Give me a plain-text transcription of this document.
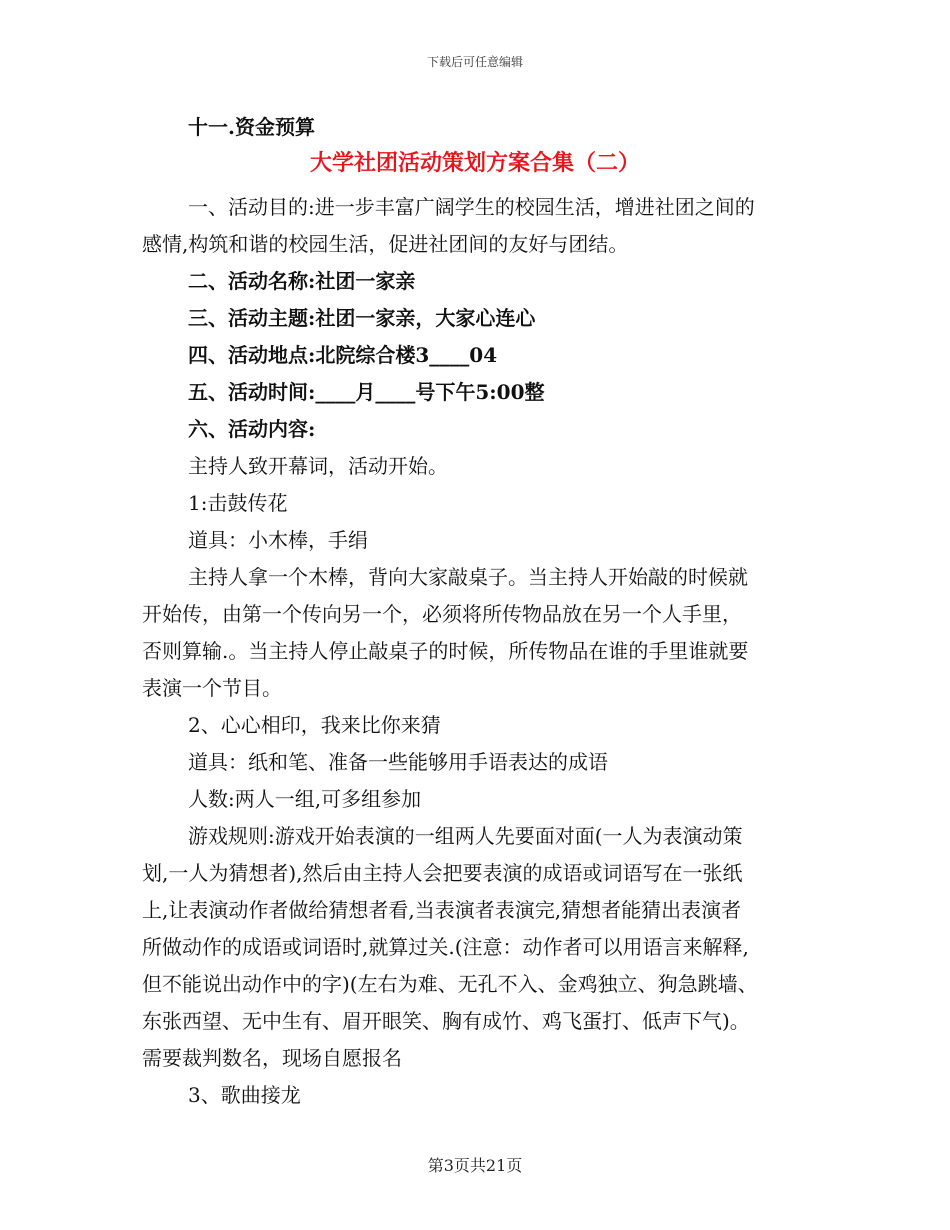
下载后可任意编辑
十一.资金预算
大学社团活动策划方案合集（二）
一、活动目的:进一步丰富广阔学生的校园生活，增进社团之间的
感情,构筑和谐的校园生活，促进社团间的友好与团结。
二、活动名称:社团一家亲
三、活动主题:社团一家亲，大家心连心
四、活动地点:北院综合楼3____04
五、活动时间:____月____号下午5:00整
六、活动内容:
主持人致开幕词，活动开始。
1:击鼓传花
道具：小木棒，手绢
主持人拿一个木棒，背向大家敲桌子。当主持人开始敲的时候就
开始传，由第一个传向另一个，必须将所传物品放在另一个人手里，
否则算输.。当主持人停止敲桌子的时候，所传物品在谁的手里谁就要
表演一个节目。
2、心心相印，我来比你来猜
道具：纸和笔、准备一些能够用手语表达的成语
人数:两人一组,可多组参加
游戏规则:游戏开始表演的一组两人先要面对面(一人为表演动策
划,一人为猜想者),然后由主持人会把要表演的成语或词语写在一张纸
上,让表演动作者做给猜想者看,当表演者表演完,猜想者能猜出表演者
所做动作的成语或词语时,就算过关.(注意：动作者可以用语言来解释,
但不能说出动作中的字)(左右为难、无孔不入、金鸡独立、狗急跳墙、
东张西望、无中生有、眉开眼笑、胸有成竹、鸡飞蛋打、低声下气)。
需要裁判数名，现场自愿报名
3、歌曲接龙
第3页共21页
